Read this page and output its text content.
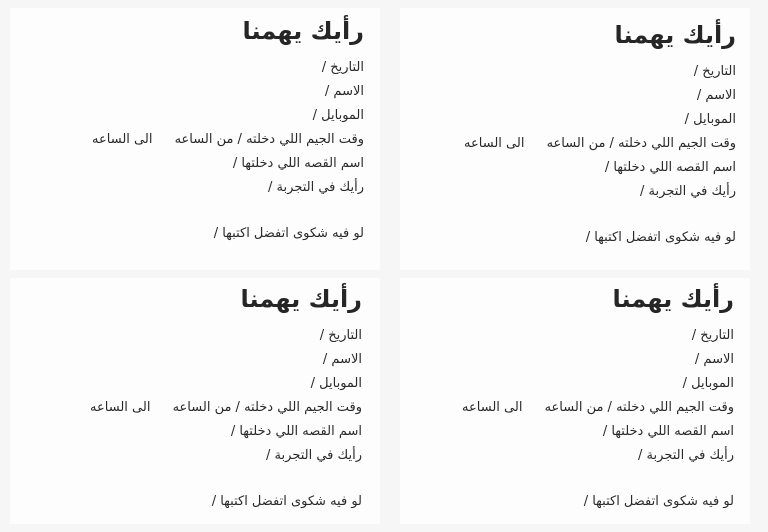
رأيك يهمنا
التاريخ /
الاسم /
الموبايل /
وقت الجيم اللي دخلته / من الساعه الى الساعه
اسم القصه اللي دخلتها /
رأيك في التجربة /
لو فيه شكوى اتفضل اكتبها /
رأيك يهمنا
التاريخ /
الاسم /
الموبايل /
وقت الجيم اللي دخلته / من الساعه الى الساعه
اسم القصه اللي دخلتها /
رأيك في التجربة /
لو فيه شكوى اتفضل اكتبها /
رأيك يهمنا
التاريخ /
الاسم /
الموبايل /
وقت الجيم اللي دخلته / من الساعه الى الساعه
اسم القصه اللي دخلتها /
رأيك في التجربة /
لو فيه شكوى اتفضل اكتبها /
رأيك يهمنا
التاريخ /
الاسم /
الموبايل /
وقت الجيم اللي دخلته / من الساعه الى الساعه
اسم القصه اللي دخلتها /
رأيك في التجربة /
لو فيه شكوى اتفضل اكتبها /
